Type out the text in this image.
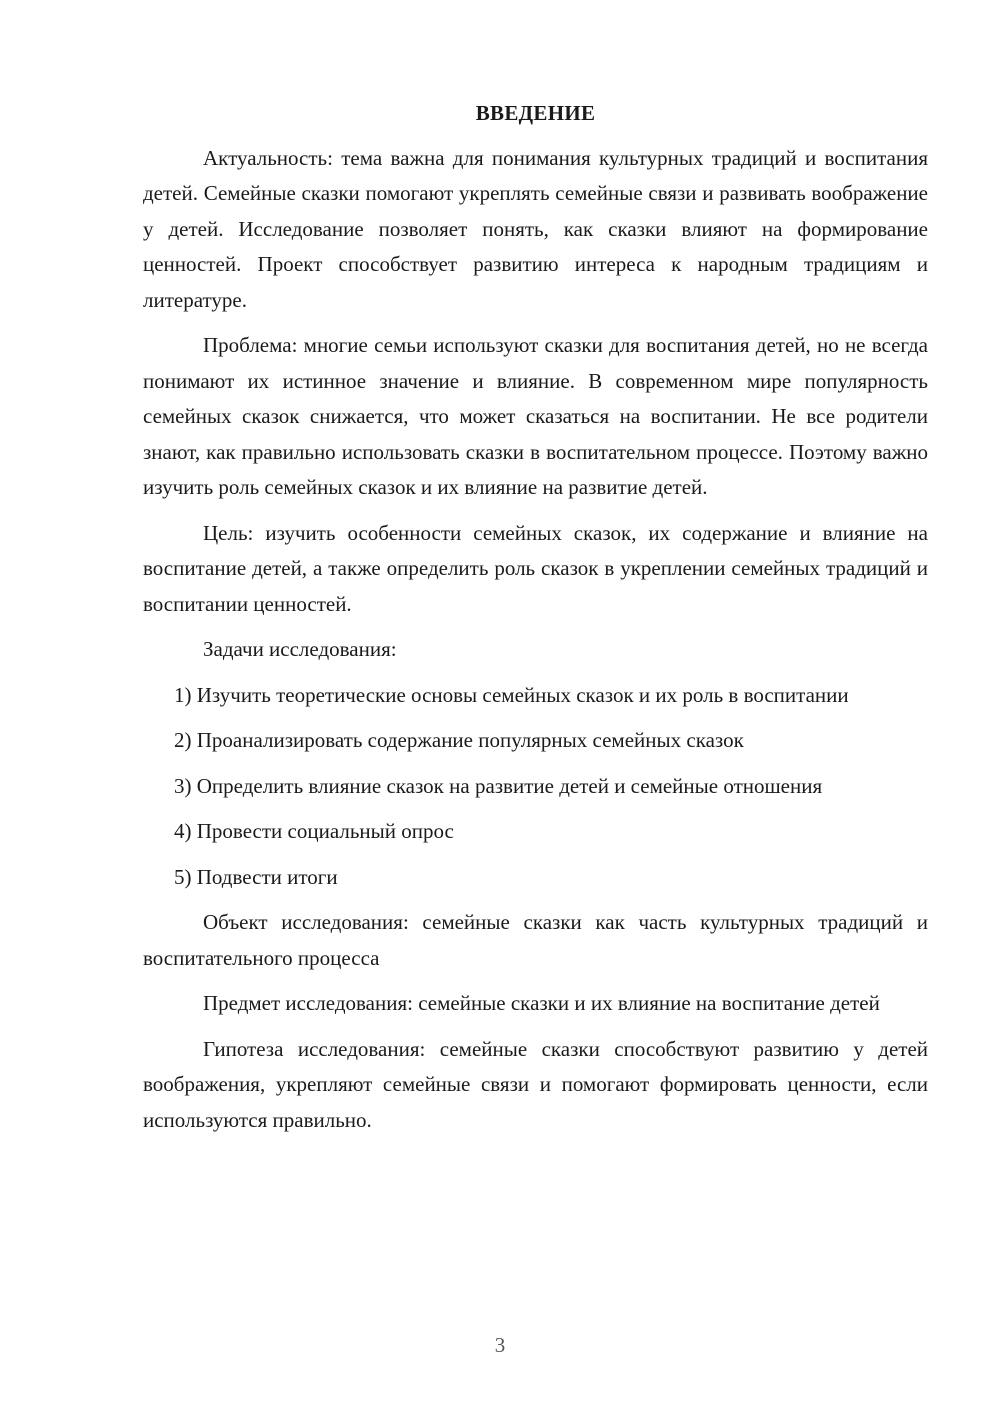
ВВЕДЕНИЕ

Актуальность: тема важна для понимания культурных традиций и воспитания детей. Семейные сказки помогают укреплять семейные связи и развивать воображение у детей. Исследование позволяет понять, как сказки влияют на формирование ценностей. Проект способствует развитию интереса к народным традициям и литературе.

Проблема: многие семьи используют сказки для воспитания детей, но не всегда понимают их истинное значение и влияние. В современном мире популярность семейных сказок снижается, что может сказаться на воспитании. Не все родители знают, как правильно использовать сказки в воспитательном процессе. Поэтому важно изучить роль семейных сказок и их влияние на развитие детей.

Цель: изучить особенности семейных сказок, их содержание и влияние на воспитание детей, а также определить роль сказок в укреплении семейных традиций и воспитании ценностей.

Задачи исследования:

1) Изучить теоретические основы семейных сказок и их роль в воспитании

2) Проанализировать содержание популярных семейных сказок

3) Определить влияние сказок на развитие детей и семейные отношения

4) Провести социальный опрос

5) Подвести итоги

Объект исследования: семейные сказки как часть культурных традиций и воспитательного процесса

Предмет исследования: семейные сказки и их влияние на воспитание детей

Гипотеза исследования: семейные сказки способствуют развитию у детей воображения, укрепляют семейные связи и помогают формировать ценности, если используются правильно.

3
